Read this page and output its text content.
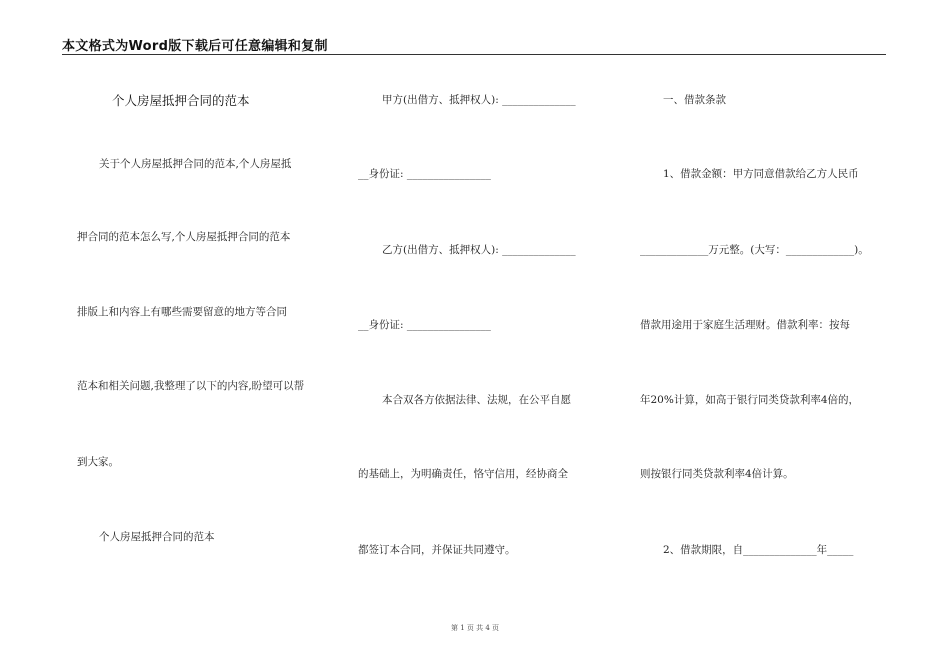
本文格式为Word版下载后可任意编辑和复制
个人房屋抵押合同的范本
关于个人房屋抵押合同的范本,个人房屋抵
押合同的范本怎么写,个人房屋抵押合同的范本
排版上和内容上有哪些需要留意的地方等合同
范本和相关问题,我整理了以下的内容,盼望可以帮
到大家。
个人房屋抵押合同的范本
甲方(出借方、抵押权人): ______________
__身份证: ________________
乙方(出借方、抵押权人): ______________
__身份证: ________________
本合双各方依据法律、法规，在公平自愿
的基础上，为明确责任，恪守信用，经协商全
都签订本合同，并保证共同遵守。
一、借款条款
1、借款金额：甲方同意借款给乙方人民币
_____________万元整。(大写：_____________)。
借款用途用于家庭生活理财。借款利率：按每
年20%计算，如高于银行同类贷款利率4倍的，
则按银行同类贷款利率4倍计算。
2、借款期限，自______________年_____
第 1 页 共 4 页
